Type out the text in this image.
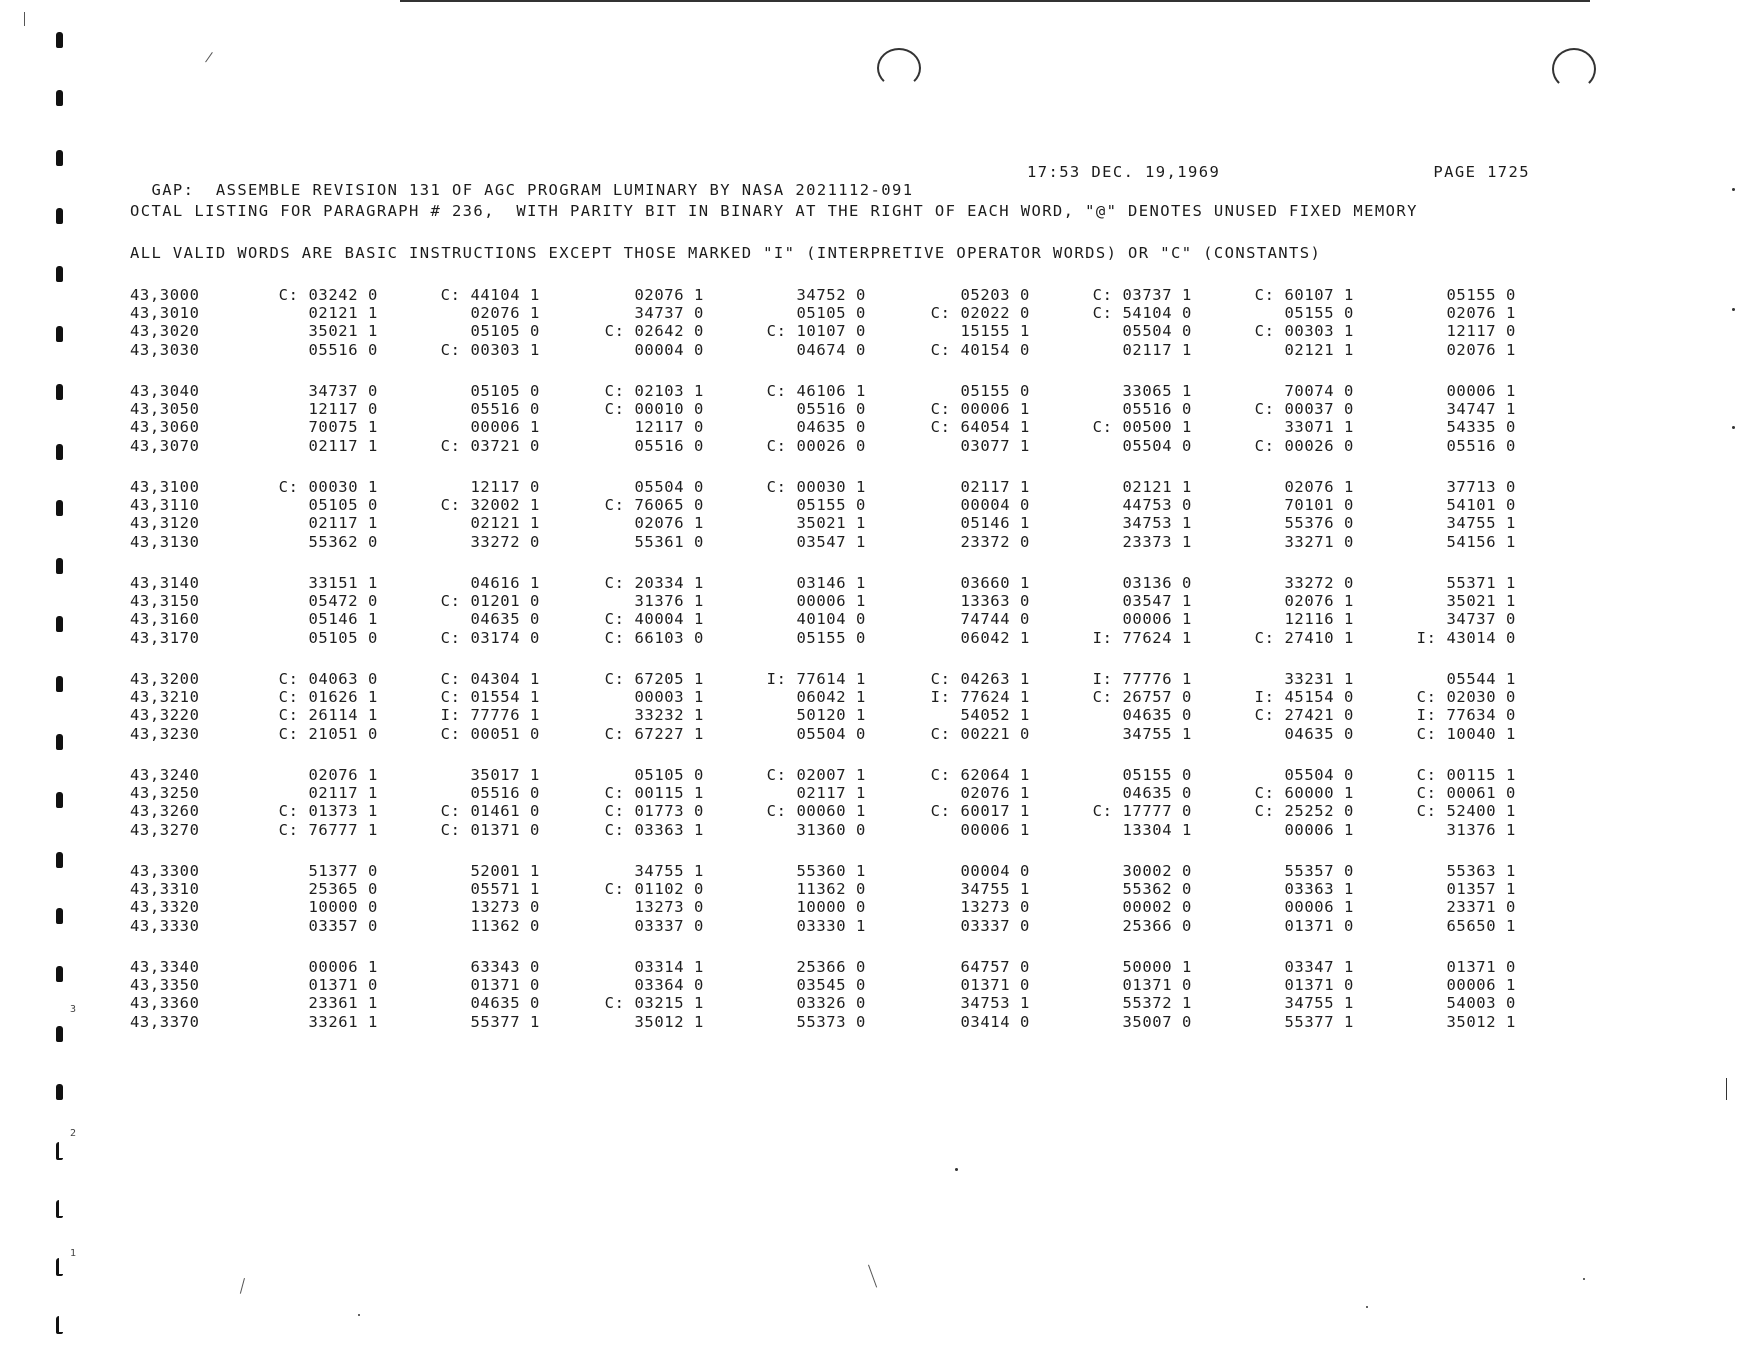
3
2
1

GAP:  ASSEMBLE REVISION 131 OF AGC PROGRAM LUMINARY BY NASA 2021112-091

17:53 DEC. 19,1969

	PAGE 1725

OCTAL LISTING FOR PARAGRAPH # 236,  WITH PARITY BIT IN BINARY AT THE RIGHT OF EACH WORD, "@" DENOTES UNUSED FIXED MEMORY
ALL VALID WORDS ARE BASIC INSTRUCTIONS EXCEPT THOSE MARKED "I" (INTERPRETIVE OPERATOR WORDS) OR "C" (CONSTANTS)
43,3000	C: 03242 0	C: 44104 1	02076 1	34752 0	05203 0	C: 03737 1	C: 60107 1	05155 0
43,3010	02121 1	02076 1	34737 0	05105 0	C: 02022 0	C: 54104 0	05155 0	02076 1
43,3020	35021 1	05105 0	C: 02642 0	C: 10107 0	15155 1	05504 0	C: 00303 1	12117 0
43,3030	05516 0	C: 00303 1	00004 0	04674 0	C: 40154 0	02117 1	02121 1	02076 1
43,3040	34737 0	05105 0	C: 02103 1	C: 46106 1	05155 0	33065 1	70074 0	00006 1
43,3050	12117 0	05516 0	C: 00010 0	05516 0	C: 00006 1	05516 0	C: 00037 0	34747 1
43,3060	70075 1	00006 1	12117 0	04635 0	C: 64054 1	C: 00500 1	33071 1	54335 0
43,3070	02117 1	C: 03721 0	05516 0	C: 00026 0	03077 1	05504 0	C: 00026 0	05516 0
43,3100	C: 00030 1	12117 0	05504 0	C: 00030 1	02117 1	02121 1	02076 1	37713 0
43,3110	05105 0	C: 32002 1	C: 76065 0	05155 0	00004 0	44753 0	70101 0	54101 0
43,3120	02117 1	02121 1	02076 1	35021 1	05146 1	34753 1	55376 0	34755 1
43,3130	55362 0	33272 0	55361 0	03547 1	23372 0	23373 1	33271 0	54156 1
43,3140	33151 1	04616 1	C: 20334 1	03146 1	03660 1	03136 0	33272 0	55371 1
43,3150	05472 0	C: 01201 0	31376 1	00006 1	13363 0	03547 1	02076 1	35021 1
43,3160	05146 1	04635 0	C: 40004 1	40104 0	74744 0	00006 1	12116 1	34737 0
43,3170	05105 0	C: 03174 0	C: 66103 0	05155 0	06042 1	I: 77624 1	C: 27410 1	I: 43014 0
43,3200	C: 04063 0	C: 04304 1	C: 67205 1	I: 77614 1	C: 04263 1	I: 77776 1	33231 1	05544 1
43,3210	C: 01626 1	C: 01554 1	00003 1	06042 1	I: 77624 1	C: 26757 0	I: 45154 0	C: 02030 0
43,3220	C: 26114 1	I: 77776 1	33232 1	50120 1	54052 1	04635 0	C: 27421 0	I: 77634 0
43,3230	C: 21051 0	C: 00051 0	C: 67227 1	05504 0	C: 00221 0	34755 1	04635 0	C: 10040 1
43,3240	02076 1	35017 1	05105 0	C: 02007 1	C: 62064 1	05155 0	05504 0	C: 00115 1
43,3250	02117 1	05516 0	C: 00115 1	02117 1	02076 1	04635 0	C: 60000 1	C: 00061 0
43,3260	C: 01373 1	C: 01461 0	C: 01773 0	C: 00060 1	C: 60017 1	C: 17777 0	C: 25252 0	C: 52400 1
43,3270	C: 76777 1	C: 01371 0	C: 03363 1	31360 0	00006 1	13304 1	00006 1	31376 1
43,3300	51377 0	52001 1	34755 1	55360 1	00004 0	30002 0	55357 0	55363 1
43,3310	25365 0	05571 1	C: 01102 0	11362 0	34755 1	55362 0	03363 1	01357 1
43,3320	10000 0	13273 0	13273 0	10000 0	13273 0	00002 0	00006 1	23371 0
43,3330	03357 0	11362 0	03337 0	03330 1	03337 0	25366 0	01371 0	65650 1
43,3340	00006 1	63343 0	03314 1	25366 0	64757 0	50000 1	03347 1	01371 0
43,3350	01371 0	01371 0	03364 0	03545 0	01371 0	01371 0	01371 0	00006 1
43,3360	23361 1	04635 0	C: 03215 1	03326 0	34753 1	55372 1	34755 1	54003 0
43,3370	33261 1	55377 1	35012 1	55373 0	03414 0	35007 0	55377 1	35012 1
